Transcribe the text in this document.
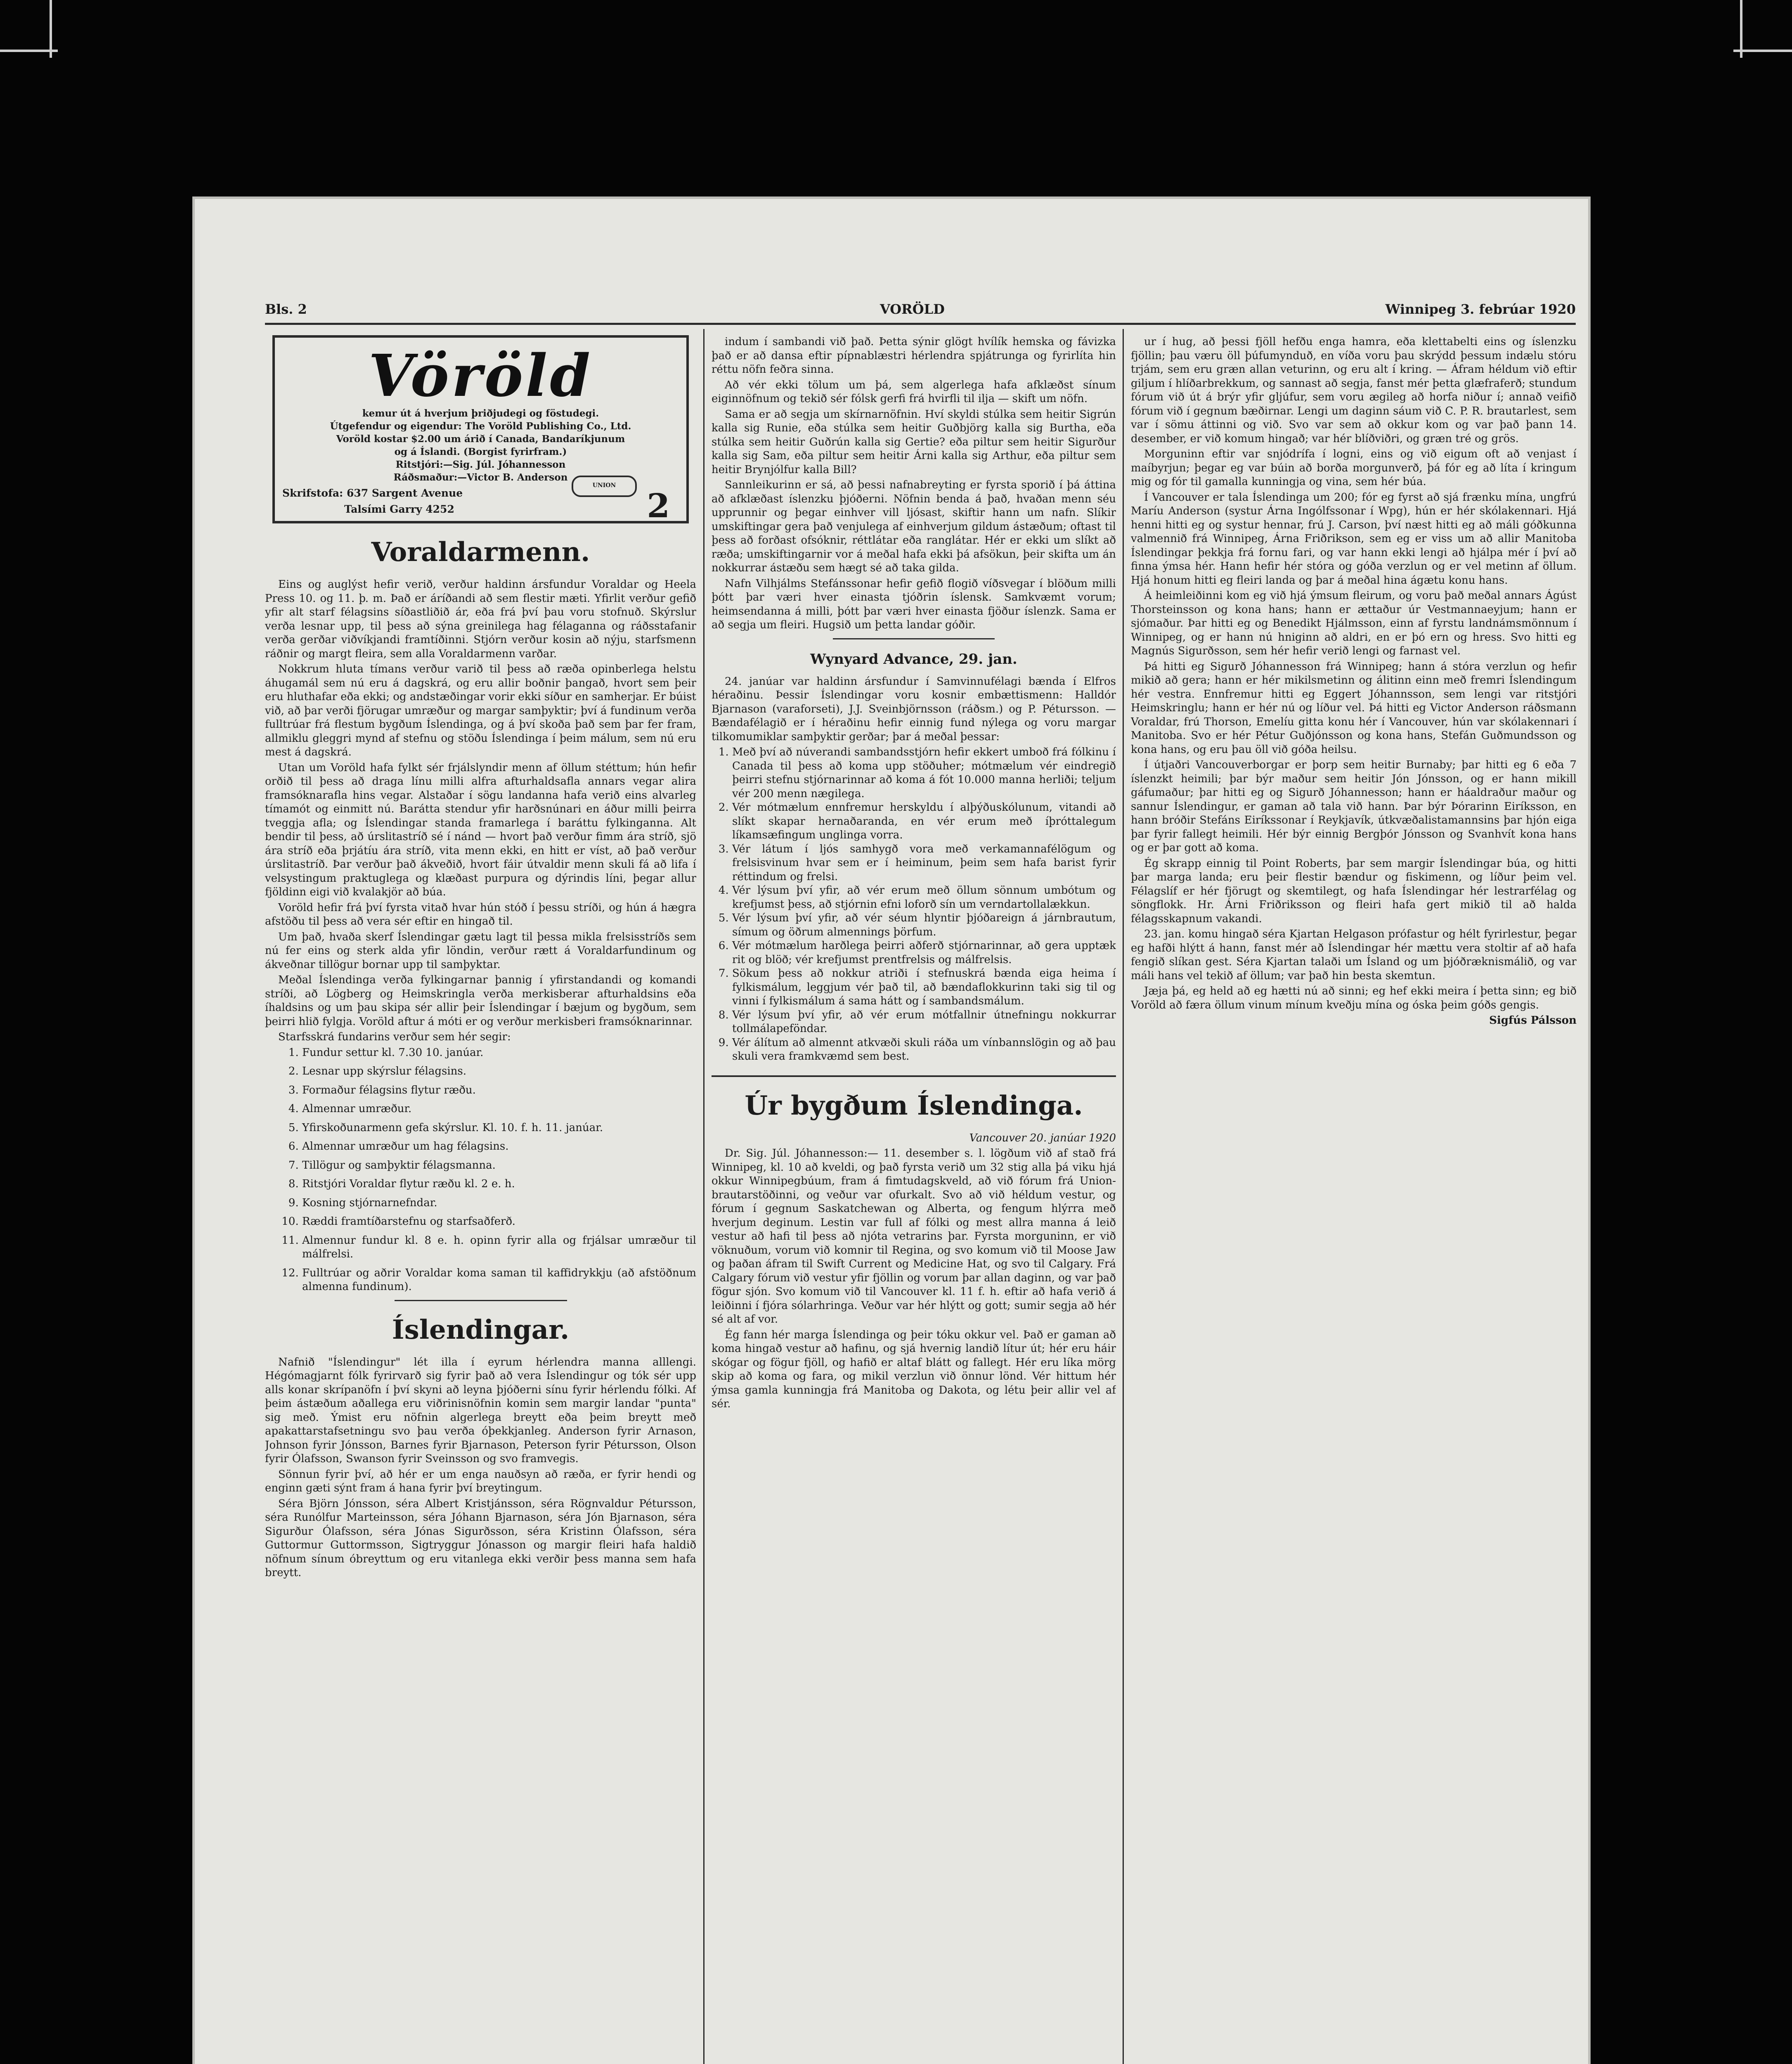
Bls. 2	VORÖLD	Winnipeg 3. febrúar 1920
Vöröld
kemur út á hverjum þriðjudegi og föstudegi.
Útgefendur og eigendur: The Voröld Publishing Co., Ltd.
Voröld kostar $2.00 um árið í Canada, Bandaríkjunum
og á Íslandi. (Borgist fyrirfram.)
Ritstjóri:—Sig. Júl. Jóhannesson
Ráðsmaður:—Victor B. Anderson
Skrifstofa: 637 Sargent Avenue
Talsími Garry 4252
UNION
2
Voraldarmenn.

Eins og auglýst hefir verið, verður haldinn ársfundur Voraldar og Heela Press 10. og 11. þ. m. Það er áríðandi að sem flestir mæti. Yfirlit verður gefið yfir alt starf félagsins síðastliðið ár, eða frá því þau voru stofnuð. Skýrslur verða lesnar upp, til þess að sýna greinilega hag félaganna og ráðsstafanir verða gerðar viðvíkjandi framtíðinni. Stjórn verður kosin að nýju, starfsmenn ráðnir og margt fleira, sem alla Voraldarmenn varðar.

Nokkrum hluta tímans verður varið til þess að ræða opinberlega helstu áhugamál sem nú eru á dagskrá, og eru allir boðnir þangað, hvort sem þeir eru hluthafar eða ekki; og andstæðingar vorir ekki síður en samherjar. Er búist við, að þar verði fjörugar umræður og margar samþyktir; því á fundinum verða fulltrúar frá flestum bygðum Íslendinga, og á því skoða það sem þar fer fram, allmiklu gleggri mynd af stefnu og stöðu Íslendinga í þeim málum, sem nú eru mest á dagskrá.

Utan um Voröld hafa fylkt sér frjálslyndir menn af öllum stéttum; hún hefir orðið til þess að draga línu milli alfra afturhaldsafla annars vegar alira framsóknarafla hins vegar. Alstaðar í sögu landanna hafa verið eins alvarleg tímamót og einmitt nú. Barátta stendur yfir harðsnúnari en áður milli þeirra tveggja afla; og Íslendingar standa framarlega í baráttu fylkinganna. Alt bendir til þess, að úrslitastríð sé í nánd — hvort það verður fimm ára stríð, sjö ára stríð eða þrjátíu ára stríð, vita menn ekki, en hitt er víst, að það verður úrslitastríð. Þar verður það ákveðið, hvort fáir útvaldir menn skuli fá að lifa í velsystingum praktuglega og klæðast purpura og dýrindis líni, þegar allur fjöldinn eigi við kvalakjör að búa.

Voröld hefir frá því fyrsta vitað hvar hún stóð í þessu stríði, og hún á hægra afstöðu til þess að vera sér eftir en hingað til.

Um það, hvaða skerf Íslendingar gætu lagt til þessa mikla frelsisstríðs sem nú fer eins og sterk alda yfir löndin, verður rætt á Voraldarfundinum og ákveðnar tillögur bornar upp til samþyktar.

Meðal Íslendinga verða fylkingarnar þannig í yfirstandandi og komandi stríði, að Lögberg og Heimskringla verða merkisberar afturhaldsins eða íhaldsins og um þau skipa sér allir þeir Íslendingar í bæjum og bygðum, sem þeirri hlið fylgja. Voröld aftur á móti er og verður merkisberi framsóknarinnar.

Starfsskrá fundarins verður sem hér segir:

1. Fundur settur kl. 7.30 10. janúar.
2. Lesnar upp skýrslur félagsins.
3. Formaður félagsins flytur ræðu.
4. Almennar umræður.
5. Yfirskoðunarmenn gefa skýrslur. Kl. 10. f. h. 11. janúar.
6. Almennar umræður um hag félagsins.
7. Tillögur og samþyktir félagsmanna.
8. Ritstjóri Voraldar flytur ræðu kl. 2 e. h.
9. Kosning stjórnarnefndar.
10. Ræddi framtíðarstefnu og starfsaðferð.
11. Almennur fundur kl. 8 e. h. opinn fyrir alla og frjálsar umræður til málfrelsi.
12. Fulltrúar og aðrir Voraldar koma saman til kaffidrykkju (að afstöðnum almenna fundinum).
Íslendingar.

Nafnið "Íslendingur" lét illa í eyrum hérlendra manna alllengi. Hégómagjarnt fólk fyrirvarð sig fyrir það að vera Íslendingur og tók sér upp alls konar skrípanöfn í því skyni að leyna þjóðerni sínu fyrir hérlendu fólki. Af þeim ástæðum aðallega eru viðrinisnöfnin komin sem margir landar "punta" sig með. Ýmist eru nöfnin algerlega breytt eða þeim breytt með apakattarstafsetningu svo þau verða óþekkjanleg. Anderson fyrir Arnason, Johnson fyrir Jónsson, Barnes fyrir Bjarnason, Peterson fyrir Pétursson, Olson fyrir Ólafsson, Swanson fyrir Sveinsson og svo framvegis.

Sönnun fyrir því, að hér er um enga nauðsyn að ræða, er fyrir hendi og enginn gæti sýnt fram á hana fyrir því breytingum.

Séra Björn Jónsson, séra Albert Kristjánsson, séra Rögnvaldur Pétursson, séra Runólfur Marteinsson, séra Jóhann Bjarnason, séra Jón Bjarnason, séra Sigurður Ólafsson, séra Jónas Sigurðsson, séra Kristinn Ólafsson, séra Guttormur Guttormsson, Sigtryggur Jónasson og margir fleiri hafa haldið nöfnum sínum óbreyttum og eru vitanlega ekki verðir þess manna sem hafa breytt.

indum í sambandi við það. Þetta sýnir glögt hvílík hemska og fávizka það er að dansa eftir pípnablæstri hérlendra spjátrunga og fyrirlíta hin réttu nöfn feðra sinna.

Að vér ekki tölum um þá, sem algerlega hafa afklæðst sínum eiginnöfnum og tekið sér fólsk gerfi frá hvirfli til ilja — skift um nöfn.

Sama er að segja um skírnarnöfnin. Hví skyldi stúlka sem heitir Sigrún kalla sig Runie, eða stúlka sem heitir Guðbjörg kalla sig Burtha, eða stúlka sem heitir Guðrún kalla sig Gertie? eða piltur sem heitir Sigurður kalla sig Sam, eða piltur sem heitir Árni kalla sig Arthur, eða piltur sem heitir Brynjólfur kalla Bill?

Sannleikurinn er sá, að þessi nafnabreyting er fyrsta sporið í þá áttina að afklæðast íslenzku þjóðerni. Nöfnin benda á það, hvaðan menn séu upprunnir og þegar einhver vill ljósast, skiftir hann um nafn. Slíkir umskiftingar gera það venjulega af einhverjum gildum ástæðum; oftast til þess að forðast ofsóknir, réttlátar eða ranglátar. Hér er ekki um slíkt að ræða; umskiftingarnir vor á meðal hafa ekki þá afsökun, þeir skifta um án nokkurrar ástæðu sem hægt sé að taka gilda.

Nafn Vilhjálms Stefánssonar hefir gefið flogið víðsvegar í blöðum milli þótt þar væri hver einasta tjóðrin íslensk. Samkvæmt vorum; heimsendanna á milli, þótt þar væri hver einasta fjöður íslenzk. Sama er að segja um fleiri. Hugsið um þetta landar góðir.

Wynyard Advance, 29. jan.

24. janúar var haldinn ársfundur í Samvinnufélagi bænda í Elfros héraðinu. Þessir Íslendingar voru kosnir embættismenn: Halldór Bjarnason (varaforseti), J.J. Sveinbjörnsson (ráðsm.) og P. Pétursson. — Bændafélagið er í héraðinu hefir einnig fund nýlega og voru margar tilkomumiklar samþyktir gerðar; þar á meðal þessar:

1. Með því að núverandi sambandsstjórn hefir ekkert umboð frá fólkinu í Canada til þess að koma upp stöðuher; mótmælum vér eindregið þeirri stefnu stjórnarinnar að koma á fót 10.000 manna herliði; teljum vér 200 menn nægilega.
2. Vér mótmælum ennfremur herskyldu í alþýðuskólunum, vitandi að slíkt skapar hernaðaranda, en vér erum með íþróttalegum líkamsæfingum unglinga vorra.
3. Vér látum í ljós samhygð vora með verkamannafélögum og frelsisvinum hvar sem er í heiminum, þeim sem hafa barist fyrir réttindum og frelsi.
4. Vér lýsum því yfir, að vér erum með öllum sönnum umbótum og krefjumst þess, að stjórnin efni loforð sín um verndartollalækkun.
5. Vér lýsum því yfir, að vér séum hlyntir þjóðareign á járnbrautum, símum og öðrum almennings þörfum.
6. Vér mótmælum harðlega þeirri aðferð stjórnarinnar, að gera upptæk rit og blöð; vér krefjumst prentfrelsis og málfrelsis.
7. Sökum þess að nokkur atriði í stefnuskrá bænda eiga heima í fylkismálum, leggjum vér það til, að bændaflokkurinn taki sig til og vinni í fylkismálum á sama hátt og í sambandsmálum.
8. Vér lýsum því yfir, að vér erum mótfallnir útnefningu nokkurrar tollmálapeföndar.
9. Vér álítum að almennt atkvæði skuli ráða um vínbannslögin og að þau skuli vera framkvæmd sem best.
Úr bygðum Íslendinga.

Vancouver 20. janúar 1920

Dr. Sig. Júl. Jóhannesson:— 11. desember s. l. lögðum við af stað frá Winnipeg, kl. 10 að kveldi, og það fyrsta verið um 32 stig alla þá viku hjá okkur Winnipegbúum, fram á fimtudagskveld, að við fórum frá Union-brautarstöðinni, og veður var ofurkalt. Svo að við héldum vestur, og fórum í gegnum Saskatchewan og Alberta, og fengum hlýrra með hverjum deginum. Lestin var full af fólki og mest allra manna á leið vestur að hafi til þess að njóta vetrarins þar. Fyrsta morguninn, er við vöknuðum, vorum við komnir til Regina, og svo komum við til Moose Jaw og þaðan áfram til Swift Current og Medicine Hat, og svo til Calgary. Frá Calgary fórum við vestur yfir fjöllin og vorum þar allan daginn, og var það fögur sjón. Svo komum við til Vancouver kl. 11 f. h. eftir að hafa verið á leiðinni í fjóra sólarhringa. Veður var hér hlýtt og gott; sumir segja að hér sé alt af vor.

Ég fann hér marga Íslendinga og þeir tóku okkur vel. Það er gaman að koma hingað vestur að hafinu, og sjá hvernig landið lítur út; hér eru háir skógar og fögur fjöll, og hafið er altaf blátt og fallegt. Hér eru líka mörg skip að koma og fara, og mikil verzlun við önnur lönd. Vér hittum hér ýmsa gamla kunningja frá Manitoba og Dakota, og létu þeir allir vel af sér.

ur í hug, að þessi fjöll hefðu enga hamra, eða klettabelti eins og íslenzku fjöllin; þau væru öll þúfumynduð, en víða voru þau skrýdd þessum indælu stóru trjám, sem eru græn allan veturinn, og eru alt í kring. — Áfram héldum við eftir giljum í hlíðarbrekkum, og sannast að segja, fanst mér þetta glæfraferð; stundum fórum við út á brýr yfir gljúfur, sem voru ægileg að horfa niður í; annað veifið fórum við í gegnum bæðirnar. Lengi um daginn sáum við C. P. R. brautarlest, sem var í sömu áttinni og við. Svo var sem að okkur kom og var það þann 14. desember, er við komum hingað; var hér blíðviðri, og græn tré og grös.

Morguninn eftir var snjódrífa í logni, eins og við eigum oft að venjast í maíbyrjun; þegar eg var búin að borða morgunverð, þá fór eg að líta í kringum mig og fór til gamalla kunningja og vina, sem hér búa.

Í Vancouver er tala Íslendinga um 200; fór eg fyrst að sjá frænku mína, ungfrú Maríu Anderson (systur Árna Ingólfssonar í Wpg), hún er hér skólakennari. Hjá henni hitti eg og systur hennar, frú J. Carson, því næst hitti eg að máli góðkunna valmennið frá Winnipeg, Árna Friðrikson, sem eg er viss um að allir Manitoba Íslendingar þekkja frá fornu fari, og var hann ekki lengi að hjálpa mér í því að finna ýmsa hér. Hann hefir hér stóra og góða verzlun og er vel metinn af öllum. Hjá honum hitti eg fleiri landa og þar á meðal hina ágætu konu hans.

Á heimleiðinni kom eg við hjá ýmsum fleirum, og voru það meðal annars Ágúst Thorsteinsson og kona hans; hann er ættaður úr Vestmannaeyjum; hann er sjómaður. Þar hitti eg og Benedikt Hjálmsson, einn af fyrstu landnámsmönnum í Winnipeg, og er hann nú hniginn að aldri, en er þó ern og hress. Svo hitti eg Magnús Sigurðsson, sem hér hefir verið lengi og farnast vel.

Þá hitti eg Sigurð Jóhannesson frá Winnipeg; hann á stóra verzlun og hefir mikið að gera; hann er hér mikilsmetinn og álitinn einn með fremri Íslendingum hér vestra. Ennfremur hitti eg Eggert Jóhannsson, sem lengi var ritstjóri Heimskringlu; hann er hér nú og líður vel. Þá hitti eg Victor Anderson ráðsmann Voraldar, frú Thorson, Emelíu gitta konu hér í Vancouver, hún var skólakennari í Manitoba. Svo er hér Pétur Guðjónsson og kona hans, Stefán Guðmundsson og kona hans, og eru þau öll við góða heilsu.

Í útjaðri Vancouverborgar er þorp sem heitir Burnaby; þar hitti eg 6 eða 7 íslenzkt heimili; þar býr maður sem heitir Jón Jónsson, og er hann mikill gáfumaður; þar hitti eg og Sigurð Jóhannesson; hann er háaldraður maður og sannur Íslendingur, er gaman að tala við hann. Þar býr Þórarinn Eiríksson, en hann bróðir Stefáns Eiríkssonar í Reykjavík, útkvæðalistamannsins þar hjón eiga þar fyrir fallegt heimili. Hér býr einnig Bergþór Jónsson og Svanhvít kona hans og er þar gott að koma.

Ég skrapp einnig til Point Roberts, þar sem margir Íslendingar búa, og hitti þar marga landa; eru þeir flestir bændur og fiskimenn, og líður þeim vel. Félagslíf er hér fjörugt og skemtilegt, og hafa Íslendingar hér lestrarfélag og söngflokk. Hr. Árni Friðriksson og fleiri hafa gert mikið til að halda félagsskapnum vakandi.

23. jan. komu hingað séra Kjartan Helgason prófastur og hélt fyrirlestur, þegar eg hafði hlýtt á hann, fanst mér að Íslendingar hér mættu vera stoltir af að hafa fengið slíkan gest. Séra Kjartan talaði um Ísland og um þjóðræknismálið, og var máli hans vel tekið af öllum; var það hin besta skemtun.

Jæja þá, eg held að eg hætti nú að sinni; eg hef ekki meira í þetta sinn; eg bið Voröld að færa öllum vinum mínum kveðju mína og óska þeim góðs gengis.

Sigfús Pálsson
